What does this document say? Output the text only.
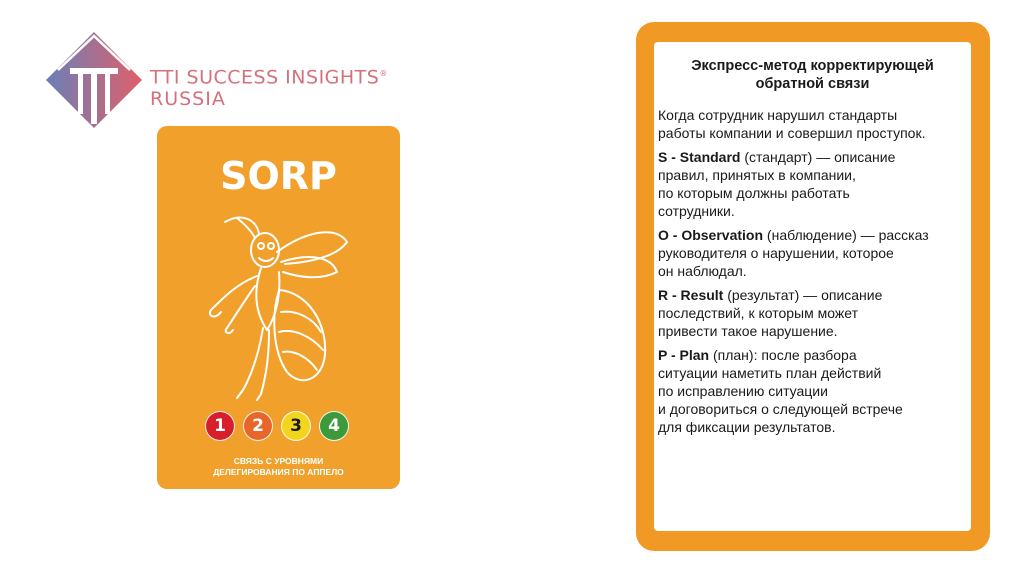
TTI SUCCESS INSIGHTS®
RUSSIA
SORP
1	2	3	4
СВЯЗЬ С УРОВНЯМИ
ДЕЛЕГИРОВАНИЯ ПО АППЕЛО
Экспресс-метод корректирующей
обратной связи

Когда сотрудник нарушил стандарты
работы компании и совершил проступок.

S - Standard (стандарт) — описание
правил, принятых в компании,
по которым должны работать
сотрудники.

O - Observation (наблюдение) — рассказ
руководителя о нарушении, которое
он наблюдал.

R - Result (результат) — описание
последствий, к которым может
привести такое нарушение.

P - Plan (план): после разбора
ситуации наметить план действий
по исправлению ситуации
и договориться о следующей встрече
для фиксации результатов.
